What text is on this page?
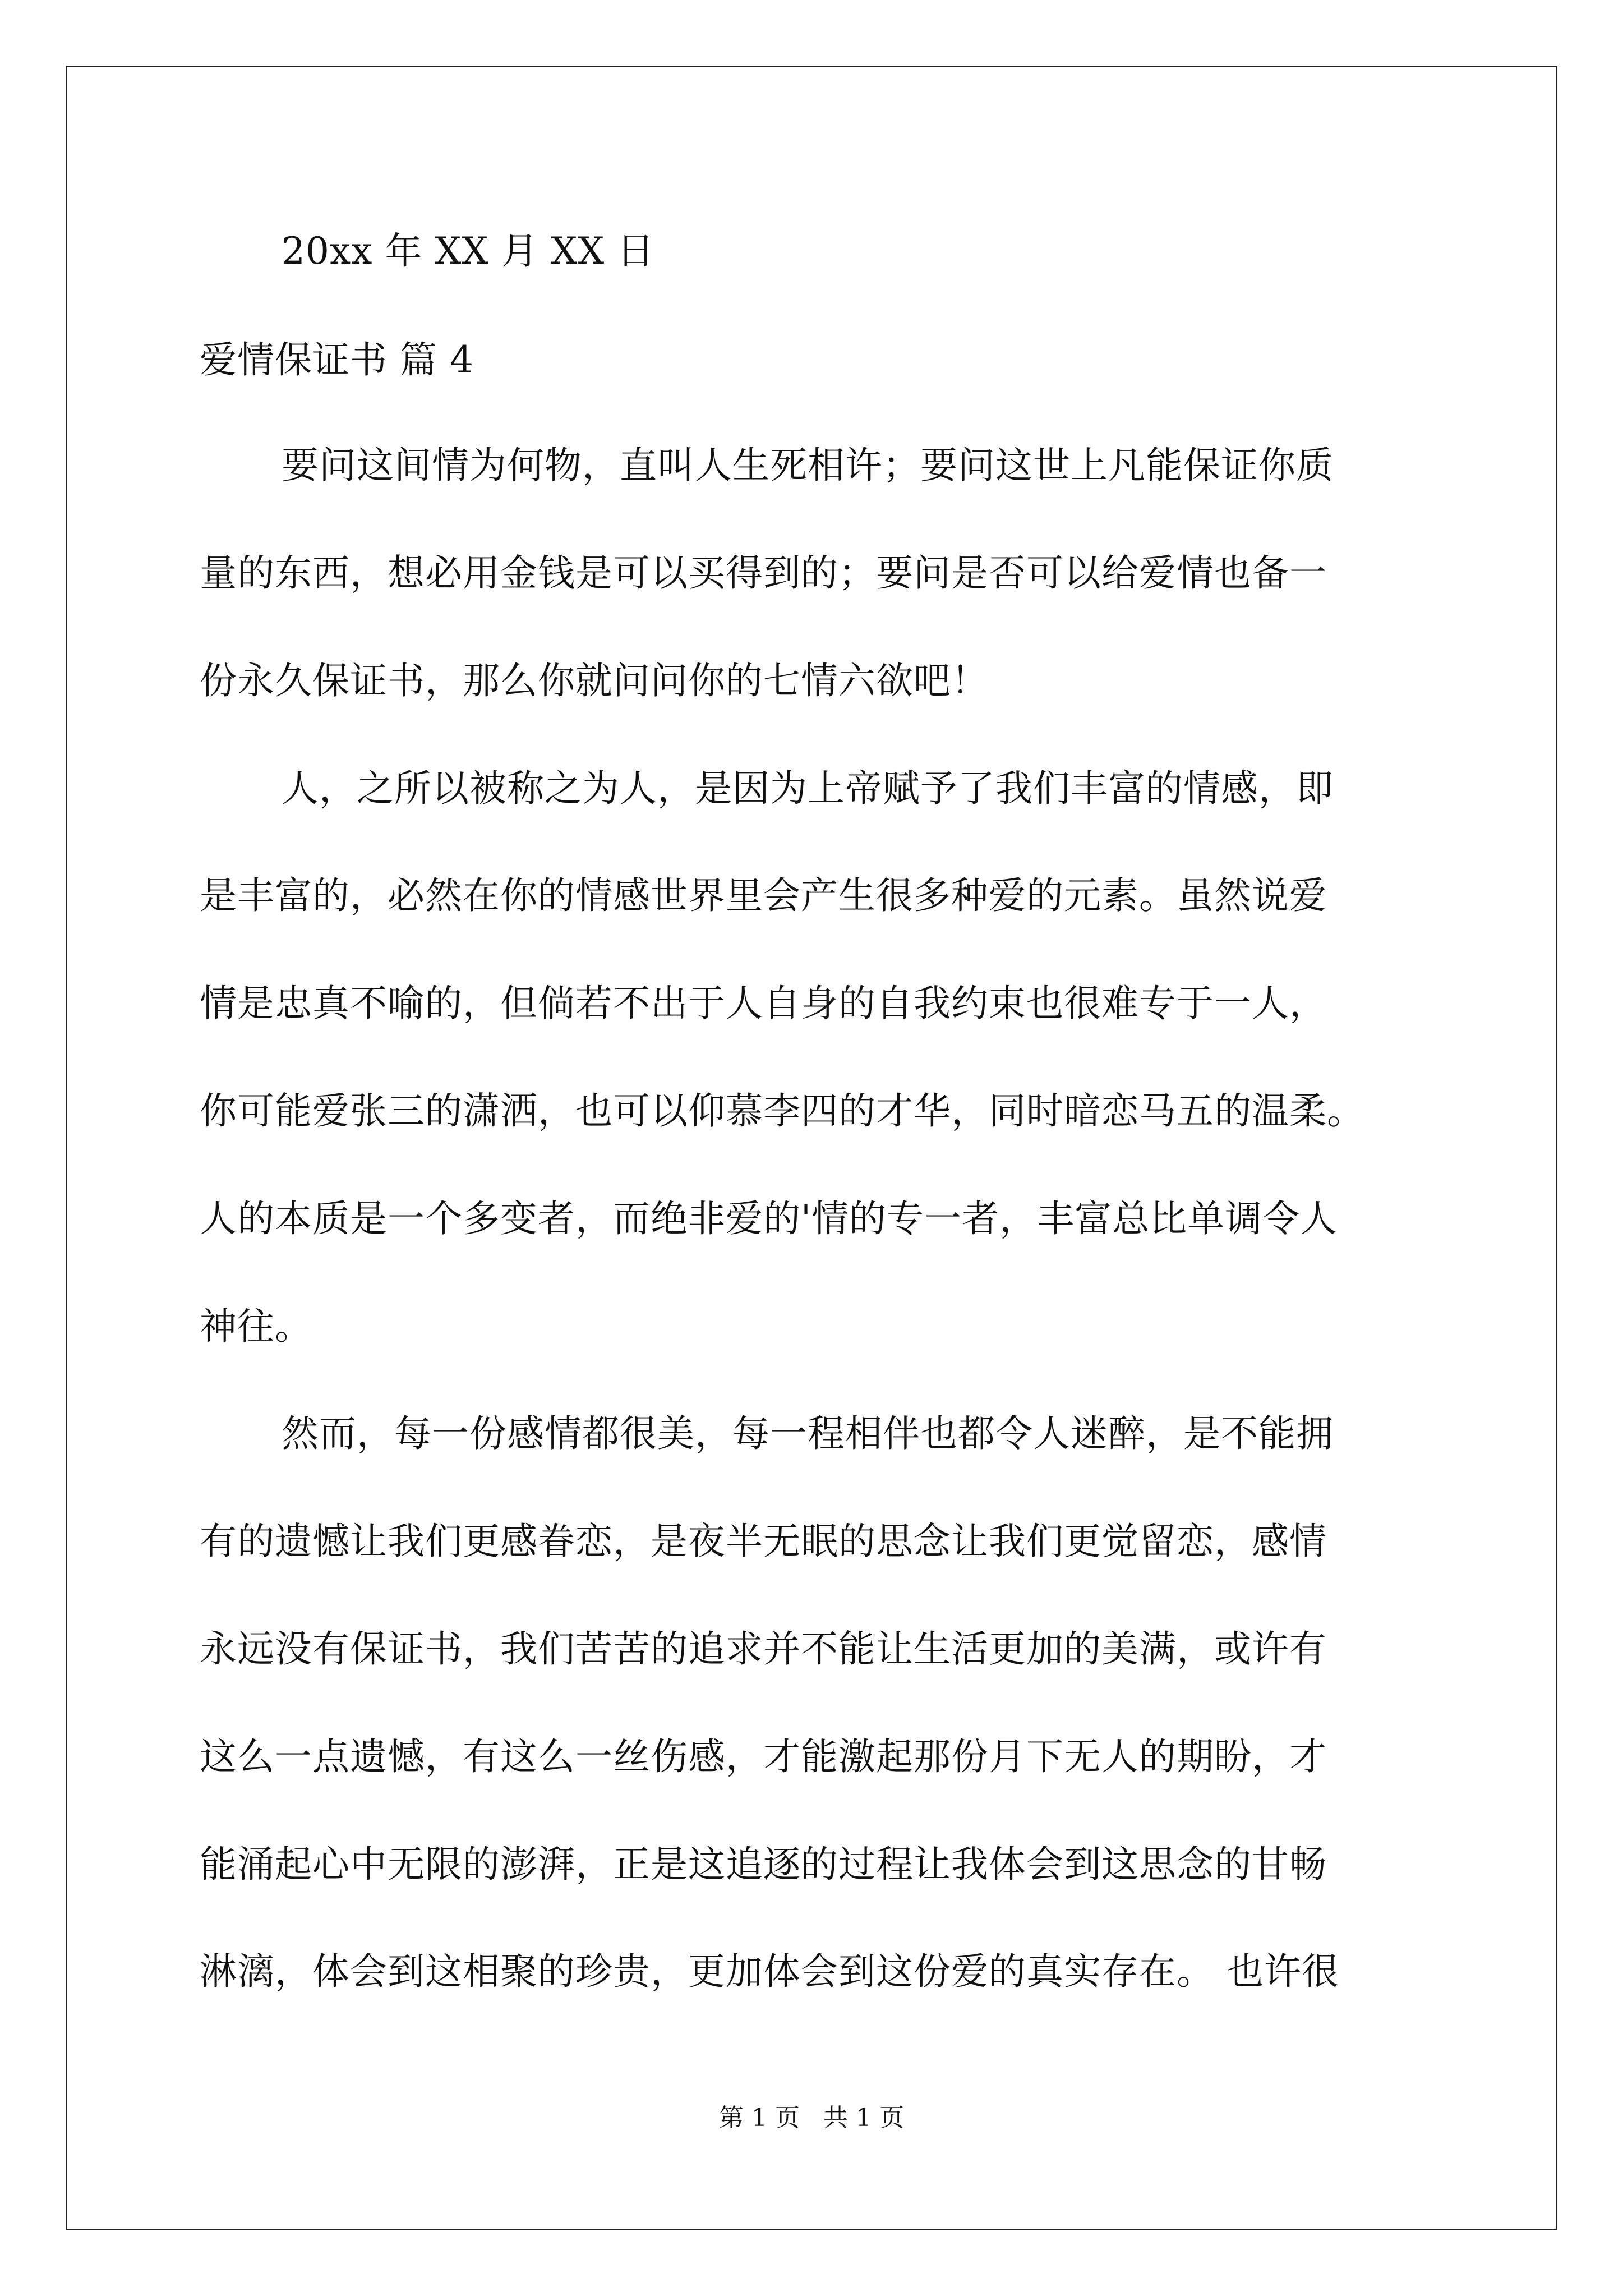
20xx 年 XX 月 XX 日
爱情保证书 篇 4
要问这间情为何物，直叫人生死相许；要问这世上凡能保证你质
量的东西，想必用金钱是可以买得到的；要问是否可以给爱情也备一
份永久保证书，那么你就问问你的七情六欲吧！
人，之所以被称之为人，是因为上帝赋予了我们丰富的情感，即
是丰富的，必然在你的情感世界里会产生很多种爱的元素。虽然说爱
情是忠真不喻的，但倘若不出于人自身的自我约束也很难专于一人，
你可能爱张三的潇洒，也可以仰慕李四的才华，同时暗恋马五的温柔。
人的本质是一个多变者，而绝非爱的'情的专一者，丰富总比单调令人
神往。
然而，每一份感情都很美，每一程相伴也都令人迷醉，是不能拥
有的遗憾让我们更感眷恋，是夜半无眠的思念让我们更觉留恋，感情
永远没有保证书，我们苦苦的追求并不能让生活更加的美满，或许有
这么一点遗憾，有这么一丝伤感，才能激起那份月下无人的期盼，才
能涌起心中无限的澎湃，正是这追逐的过程让我体会到这思念的甘畅
淋漓，体会到这相聚的珍贵，更加体会到这份爱的真实存在。 也许很
第 1 页   共 1 页
